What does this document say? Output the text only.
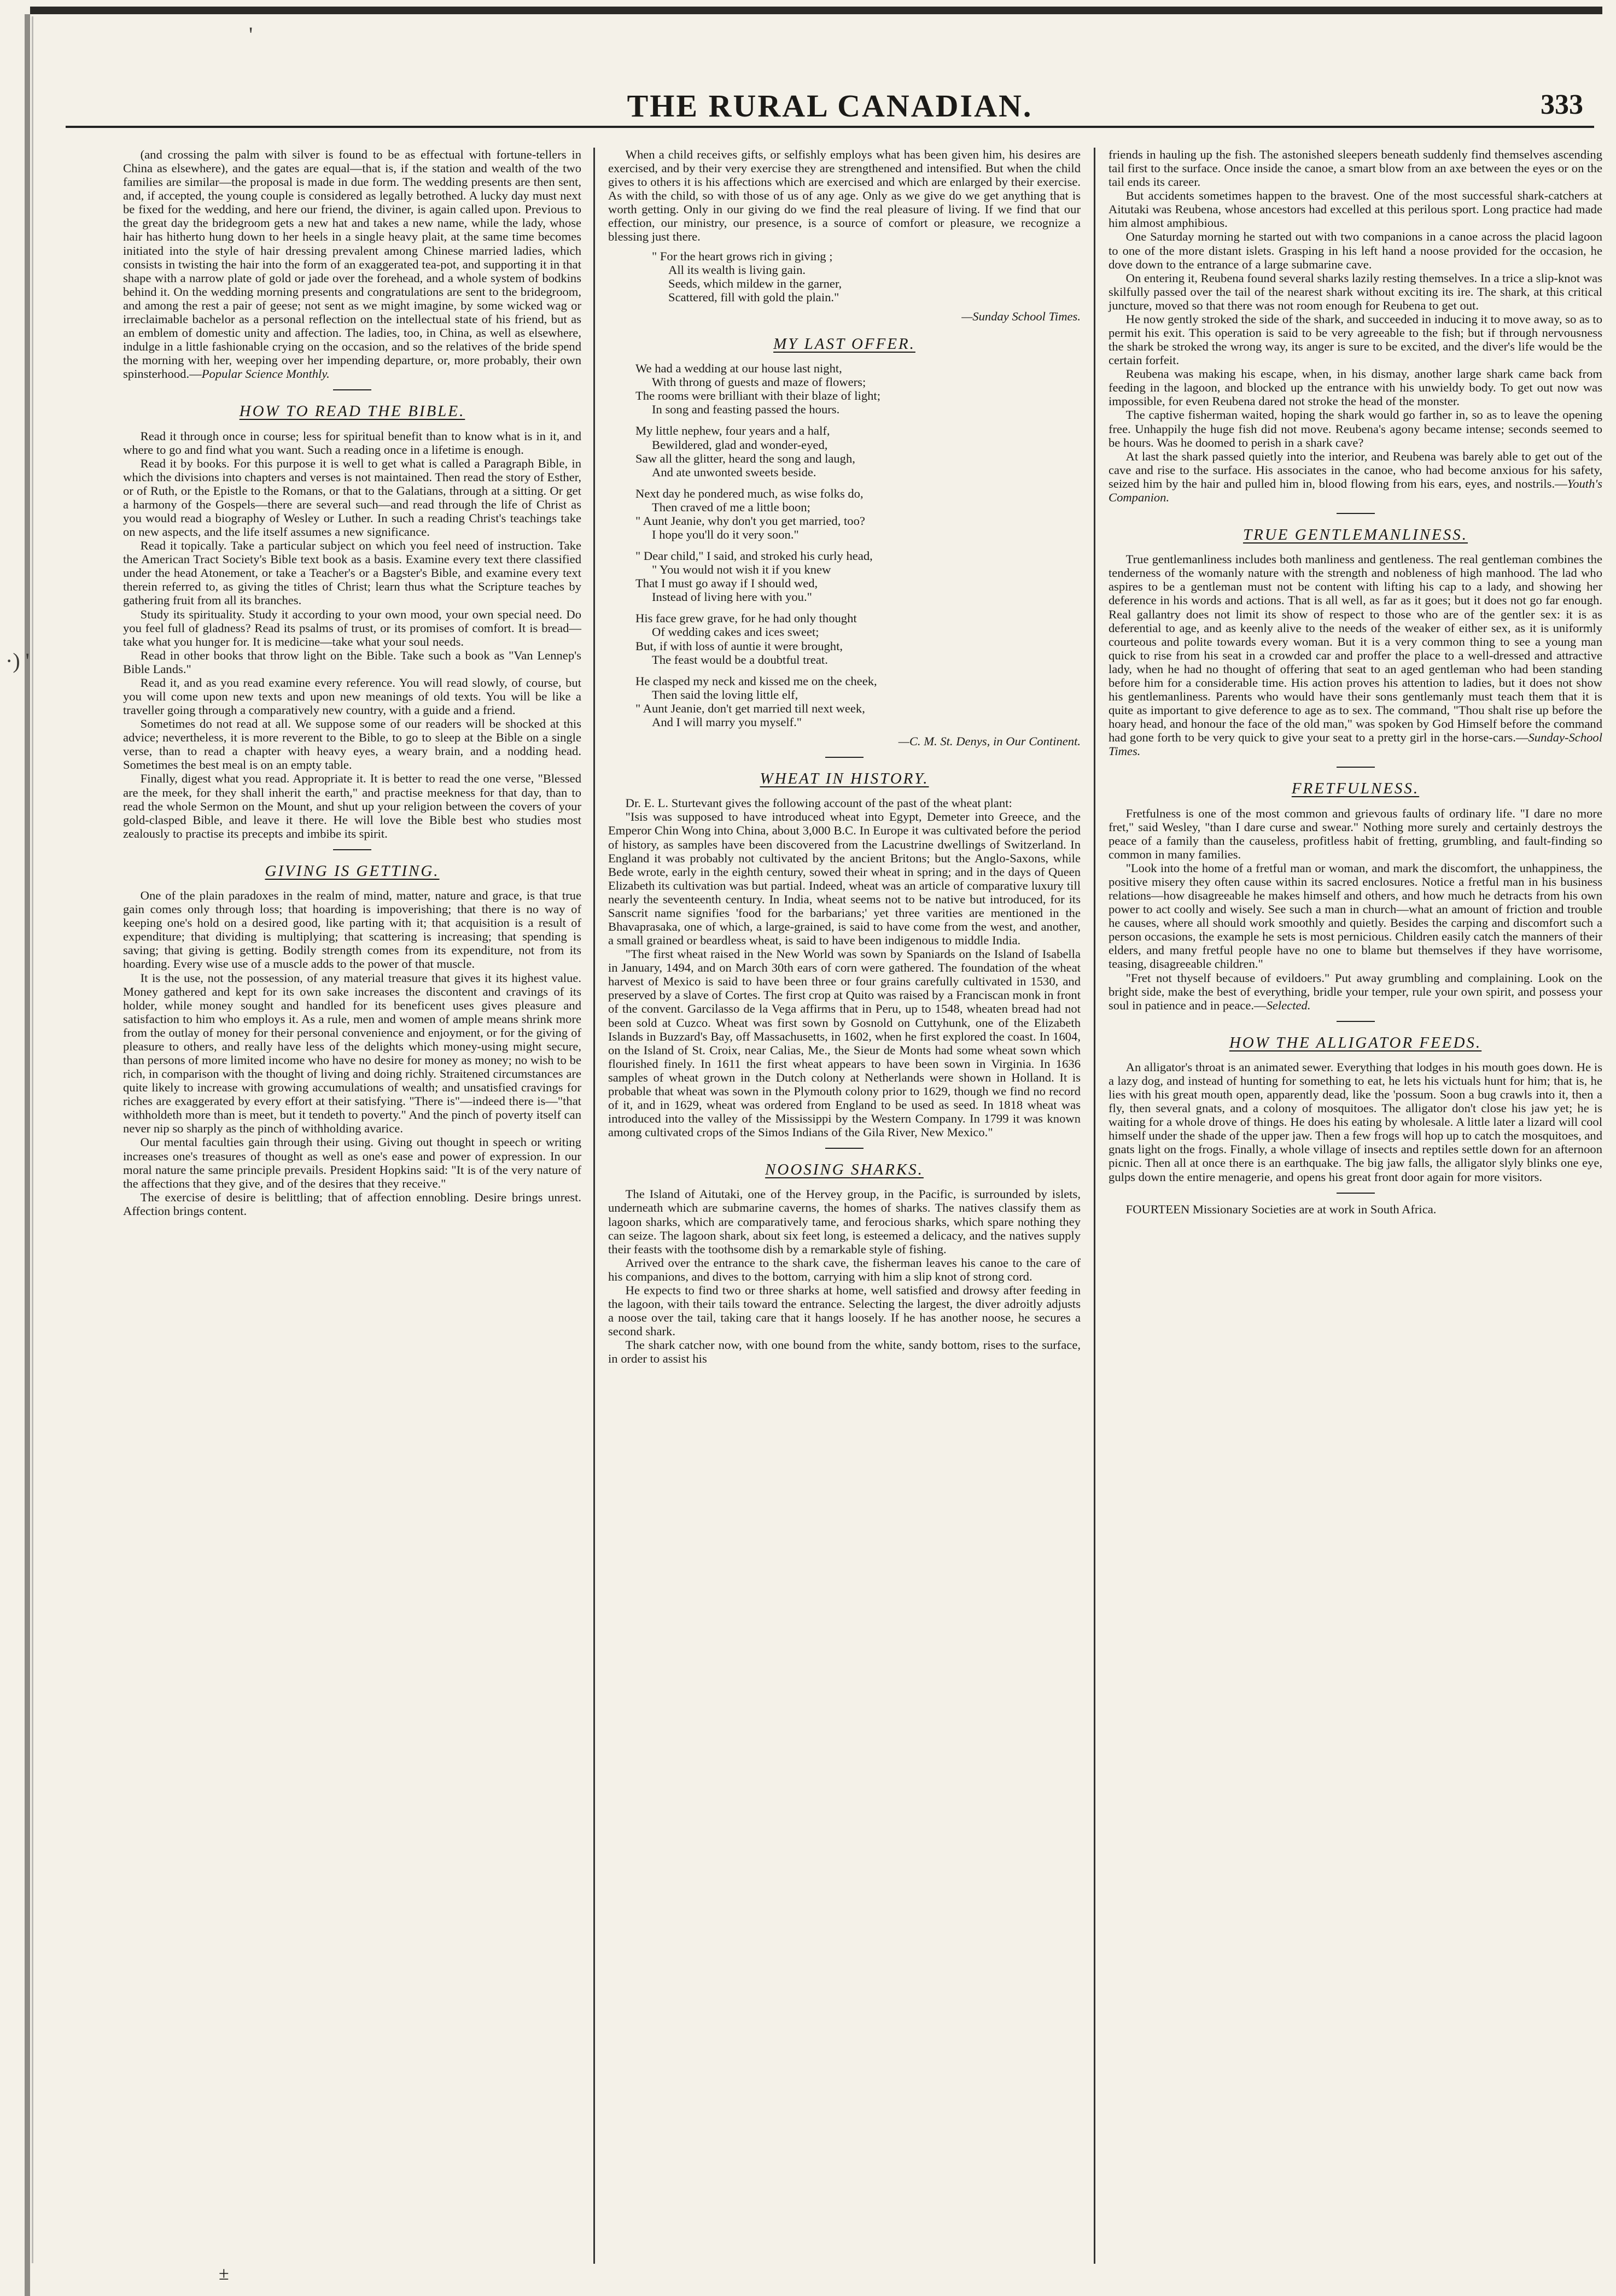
'
·) '
THE RURAL CANADIAN.	333

(and crossing the palm with silver is found to be as effectual with fortune-tellers in China as elsewhere), and the gates are equal—that is, if the station and wealth of the two families are similar—the proposal is made in due form. The wedding presents are then sent, and, if accepted, the young couple is considered as legally betrothed. A lucky day must next be fixed for the wedding, and here our friend, the diviner, is again called upon. Previous to the great day the bridegroom gets a new hat and takes a new name, while the lady, whose hair has hitherto hung down to her heels in a single heavy plait, at the same time becomes initiated into the style of hair dressing prevalent among Chinese married ladies, which consists in twisting the hair into the form of an exaggerated tea-pot, and supporting it in that shape with a narrow plate of gold or jade over the forehead, and a whole system of bodkins behind it. On the wedding morning presents and congratulations are sent to the bridegroom, and among the rest a pair of geese; not sent as we might imagine, by some wicked wag or irreclaimable bachelor as a personal reflection on the intellectual state of his friend, but as an emblem of domestic unity and affection. The ladies, too, in China, as well as elsewhere, indulge in a little fashionable crying on the occasion, and so the relatives of the bride spend the morning with her, weeping over her impending departure, or, more probably, their own spinsterhood.—Popular Science Monthly.

HOW TO READ THE BIBLE.

Read it through once in course; less for spiritual benefit than to know what is in it, and where to go and find what you want. Such a reading once in a lifetime is enough.

Read it by books. For this purpose it is well to get what is called a Paragraph Bible, in which the divisions into chapters and verses is not maintained. Then read the story of Esther, or of Ruth, or the Epistle to the Romans, or that to the Galatians, through at a sitting. Or get a harmony of the Gospels—there are several such—and read through the life of Christ as you would read a biography of Wesley or Luther. In such a reading Christ's teachings take on new aspects, and the life itself assumes a new significance.

Read it topically. Take a particular subject on which you feel need of instruction. Take the American Tract Society's Bible text book as a basis. Examine every text there classified under the head Atonement, or take a Teacher's or a Bagster's Bible, and examine every text therein referred to, as giving the titles of Christ; learn thus what the Scripture teaches by gathering fruit from all its branches.

Study its spirituality. Study it according to your own mood, your own special need. Do you feel full of gladness? Read its psalms of trust, or its promises of comfort. It is bread—take what you hunger for. It is medicine—take what your soul needs.

Read in other books that throw light on the Bible. Take such a book as "Van Lennep's Bible Lands."

Read it, and as you read examine every reference. You will read slowly, of course, but you will come upon new texts and upon new meanings of old texts. You will be like a traveller going through a comparatively new country, with a guide and a friend.

Sometimes do not read at all. We suppose some of our readers will be shocked at this advice; nevertheless, it is more reverent to the Bible, to go to sleep at the Bible on a single verse, than to read a chapter with heavy eyes, a weary brain, and a nodding head. Sometimes the best meal is on an empty table.

Finally, digest what you read. Appropriate it. It is better to read the one verse, "Blessed are the meek, for they shall inherit the earth," and practise meekness for that day, than to read the whole Sermon on the Mount, and shut up your religion between the covers of your gold-clasped Bible, and leave it there. He will love the Bible best who studies most zealously to practise its precepts and imbibe its spirit.

GIVING IS GETTING.

One of the plain paradoxes in the realm of mind, matter, nature and grace, is that true gain comes only through loss; that hoarding is impoverishing; that there is no way of keeping one's hold on a desired good, like parting with it; that acquisition is a result of expenditure; that dividing is multiplying; that scattering is increasing; that spending is saving; that giving is getting. Bodily strength comes from its expenditure, not from its hoarding. Every wise use of a muscle adds to the power of that muscle.

It is the use, not the possession, of any material treasure that gives it its highest value. Money gathered and kept for its own sake increases the discontent and cravings of its holder, while money sought and handled for its beneficent uses gives pleasure and satisfaction to him who employs it. As a rule, men and women of ample means shrink more from the outlay of money for their personal convenience and enjoyment, or for the giving of pleasure to others, and really have less of the delights which money-using might secure, than persons of more limited income who have no desire for money as money; no wish to be rich, in comparison with the thought of living and doing richly. Straitened circumstances are quite likely to increase with growing accumulations of wealth; and unsatisfied cravings for riches are exaggerated by every effort at their satisfying. "There is"—indeed there is—"that withholdeth more than is meet, but it tendeth to poverty." And the pinch of poverty itself can never nip so sharply as the pinch of withholding avarice.

Our mental faculties gain through their using. Giving out thought in speech or writing increases one's treasures of thought as well as one's ease and power of expression. In our moral nature the same principle prevails. President Hopkins said: "It is of the very nature of the affections that they give, and of the desires that they receive."

The exercise of desire is belittling; that of affection ennobling. Desire brings unrest. Affection brings content.

When a child receives gifts, or selfishly employs what has been given him, his desires are exercised, and by their very exercise they are strengthened and intensified. But when the child gives to others it is his affections which are exercised and which are enlarged by their exercise. As with the child, so with those of us of any age. Only as we give do we get anything that is worth getting. Only in our giving do we find the real pleasure of living. If we find that our effection, our ministry, our presence, is a source of comfort or pleasure, we recognize a blessing just there.

" For the heart grows rich in giving ;
All its wealth is living gain.
Seeds, which mildew in the garner,
Scattered, fill with gold the plain."
—Sunday School Times.
MY LAST OFFER.
We had a wedding at our house last night,
With throng of guests and maze of flowers;
The rooms were brilliant with their blaze of light;
In song and feasting passed the hours.
My little nephew, four years and a half,
Bewildered, glad and wonder-eyed,
Saw all the glitter, heard the song and laugh,
And ate unwonted sweets beside.
Next day he pondered much, as wise folks do,
Then craved of me a little boon;
" Aunt Jeanie, why don't you get married, too?
I hope you'll do it very soon."
" Dear child," I said, and stroked his curly head,
" You would not wish it if you knew
That I must go away if I should wed,
Instead of living here with you."
His face grew grave, for he had only thought
Of wedding cakes and ices sweet;
But, if with loss of auntie it were brought,
The feast would be a doubtful treat.
He clasped my neck and kissed me on the cheek,
Then said the loving little elf,
" Aunt Jeanie, don't get married till next week,
And I will marry you myself."
—C. M. St. Denys, in Our Continent.
WHEAT IN HISTORY.

Dr. E. L. Sturtevant gives the following account of the past of the wheat plant:

"Isis was supposed to have introduced wheat into Egypt, Demeter into Greece, and the Emperor Chin Wong into China, about 3,000 B.C. In Europe it was cultivated before the period of history, as samples have been discovered from the Lacustrine dwellings of Switzerland. In England it was probably not cultivated by the ancient Britons; but the Anglo-Saxons, while Bede wrote, early in the eighth century, sowed their wheat in spring; and in the days of Queen Elizabeth its cultivation was but partial. Indeed, wheat was an article of comparative luxury till nearly the seventeenth century. In India, wheat seems not to be native but introduced, for its Sanscrit name signifies 'food for the barbarians;' yet three varities are mentioned in the Bhavaprasaka, one of which, a large-grained, is said to have come from the west, and another, a small grained or beardless wheat, is said to have been indigenous to middle India.

"The first wheat raised in the New World was sown by Spaniards on the Island of Isabella in January, 1494, and on March 30th ears of corn were gathered. The foundation of the wheat harvest of Mexico is said to have been three or four grains carefully cultivated in 1530, and preserved by a slave of Cortes. The first crop at Quito was raised by a Franciscan monk in front of the convent. Garcilasso de la Vega affirms that in Peru, up to 1548, wheaten bread had not been sold at Cuzco. Wheat was first sown by Gosnold on Cuttyhunk, one of the Elizabeth Islands in Buzzard's Bay, off Massachusetts, in 1602, when he first explored the coast. In 1604, on the Island of St. Croix, near Calias, Me., the Sieur de Monts had some wheat sown which flourished finely. In 1611 the first wheat appears to have been sown in Virginia. In 1636 samples of wheat grown in the Dutch colony at Netherlands were shown in Holland. It is probable that wheat was sown in the Plymouth colony prior to 1629, though we find no record of it, and in 1629, wheat was ordered from England to be used as seed. In 1818 wheat was introduced into the valley of the Mississippi by the Western Company. In 1799 it was known among cultivated crops of the Simos Indians of the Gila River, New Mexico."

NOOSING SHARKS.

The Island of Aitutaki, one of the Hervey group, in the Pacific, is surrounded by islets, underneath which are submarine caverns, the homes of sharks. The natives classify them as lagoon sharks, which are comparatively tame, and ferocious sharks, which spare nothing they can seize. The lagoon shark, about six feet long, is esteemed a delicacy, and the natives supply their feasts with the toothsome dish by a remarkable style of fishing.

Arrived over the entrance to the shark cave, the fisherman leaves his canoe to the care of his companions, and dives to the bottom, carrying with him a slip knot of strong cord.

He expects to find two or three sharks at home, well satisfied and drowsy after feeding in the lagoon, with their tails toward the entrance. Selecting the largest, the diver adroitly adjusts a noose over the tail, taking care that it hangs loosely. If he has another noose, he secures a second shark.

The shark catcher now, with one bound from the white, sandy bottom, rises to the surface, in order to assist his

friends in hauling up the fish. The astonished sleepers beneath suddenly find themselves ascending tail first to the surface. Once inside the canoe, a smart blow from an axe between the eyes or on the tail ends its career.

But accidents sometimes happen to the bravest. One of the most successful shark-catchers at Aitutaki was Reubena, whose ancestors had excelled at this perilous sport. Long practice had made him almost amphibious.

One Saturday morning he started out with two companions in a canoe across the placid lagoon to one of the more distant islets. Grasping in his left hand a noose provided for the occasion, he dove down to the entrance of a large submarine cave.

On entering it, Reubena found several sharks lazily resting themselves. In a trice a slip-knot was skilfully passed over the tail of the nearest shark without exciting its ire. The shark, at this critical juncture, moved so that there was not room enough for Reubena to get out.

He now gently stroked the side of the shark, and succeeded in inducing it to move away, so as to permit his exit. This operation is said to be very agreeable to the fish; but if through nervousness the shark be stroked the wrong way, its anger is sure to be excited, and the diver's life would be the certain forfeit.

Reubena was making his escape, when, in his dismay, another large shark came back from feeding in the lagoon, and blocked up the entrance with his unwieldy body. To get out now was impossible, for even Reubena dared not stroke the head of the monster.

The captive fisherman waited, hoping the shark would go farther in, so as to leave the opening free. Unhappily the huge fish did not move. Reubena's agony became intense; seconds seemed to be hours. Was he doomed to perish in a shark cave?

At last the shark passed quietly into the interior, and Reubena was barely able to get out of the cave and rise to the surface. His associates in the canoe, who had become anxious for his safety, seized him by the hair and pulled him in, blood flowing from his ears, eyes, and nostrils.—Youth's Companion.

TRUE GENTLEMANLINESS.

True gentlemanliness includes both manliness and gentleness. The real gentleman combines the tenderness of the womanly nature with the strength and nobleness of high manhood. The lad who aspires to be a gentleman must not be content with lifting his cap to a lady, and showing her deference in his words and actions. That is all well, as far as it goes; but it does not go far enough. Real gallantry does not limit its show of respect to those who are of the gentler sex: it is as deferential to age, and as keenly alive to the needs of the weaker of either sex, as it is uniformly courteous and polite towards every woman. But it is a very common thing to see a young man quick to rise from his seat in a crowded car and proffer the place to a well-dressed and attractive lady, when he had no thought of offering that seat to an aged gentleman who had been standing before him for a considerable time. His action proves his attention to ladies, but it does not show his gentlemanliness. Parents who would have their sons gentlemanly must teach them that it is quite as important to give deference to age as to sex. The command, "Thou shalt rise up before the hoary head, and honour the face of the old man," was spoken by God Himself before the command had gone forth to be very quick to give your seat to a pretty girl in the horse-cars.—Sunday-School Times.

FRETFULNESS.

Fretfulness is one of the most common and grievous faults of ordinary life. "I dare no more fret," said Wesley, "than I dare curse and swear." Nothing more surely and certainly destroys the peace of a family than the causeless, profitless habit of fretting, grumbling, and fault-finding so common in many families.

"Look into the home of a fretful man or woman, and mark the discomfort, the unhappiness, the positive misery they often cause within its sacred enclosures. Notice a fretful man in his business relations—how disagreeable he makes himself and others, and how much he detracts from his own power to act coolly and wisely. See such a man in church—what an amount of friction and trouble he causes, where all should work smoothly and quietly. Besides the carping and discomfort such a person occasions, the example he sets is most pernicious. Children easily catch the manners of their elders, and many fretful people have no one to blame but themselves if they have worrisome, teasing, disagreeable children."

"Fret not thyself because of evildoers." Put away grumbling and complaining. Look on the bright side, make the best of everything, bridle your temper, rule your own spirit, and possess your soul in patience and in peace.—Selected.

HOW THE ALLIGATOR FEEDS.

An alligator's throat is an animated sewer. Everything that lodges in his mouth goes down. He is a lazy dog, and instead of hunting for something to eat, he lets his victuals hunt for him; that is, he lies with his great mouth open, apparently dead, like the 'possum. Soon a bug crawls into it, then a fly, then several gnats, and a colony of mosquitoes. The alligator don't close his jaw yet; he is waiting for a whole drove of things. He does his eating by wholesale. A little later a lizard will cool himself under the shade of the upper jaw. Then a few frogs will hop up to catch the mosquitoes, and gnats light on the frogs. Finally, a whole village of insects and reptiles settle down for an afternoon picnic. Then all at once there is an earthquake. The big jaw falls, the alligator slyly blinks one eye, gulps down the entire menagerie, and opens his great front door again for more visitors.

FOURTEEN Missionary Societies are at work in South Africa.

±
